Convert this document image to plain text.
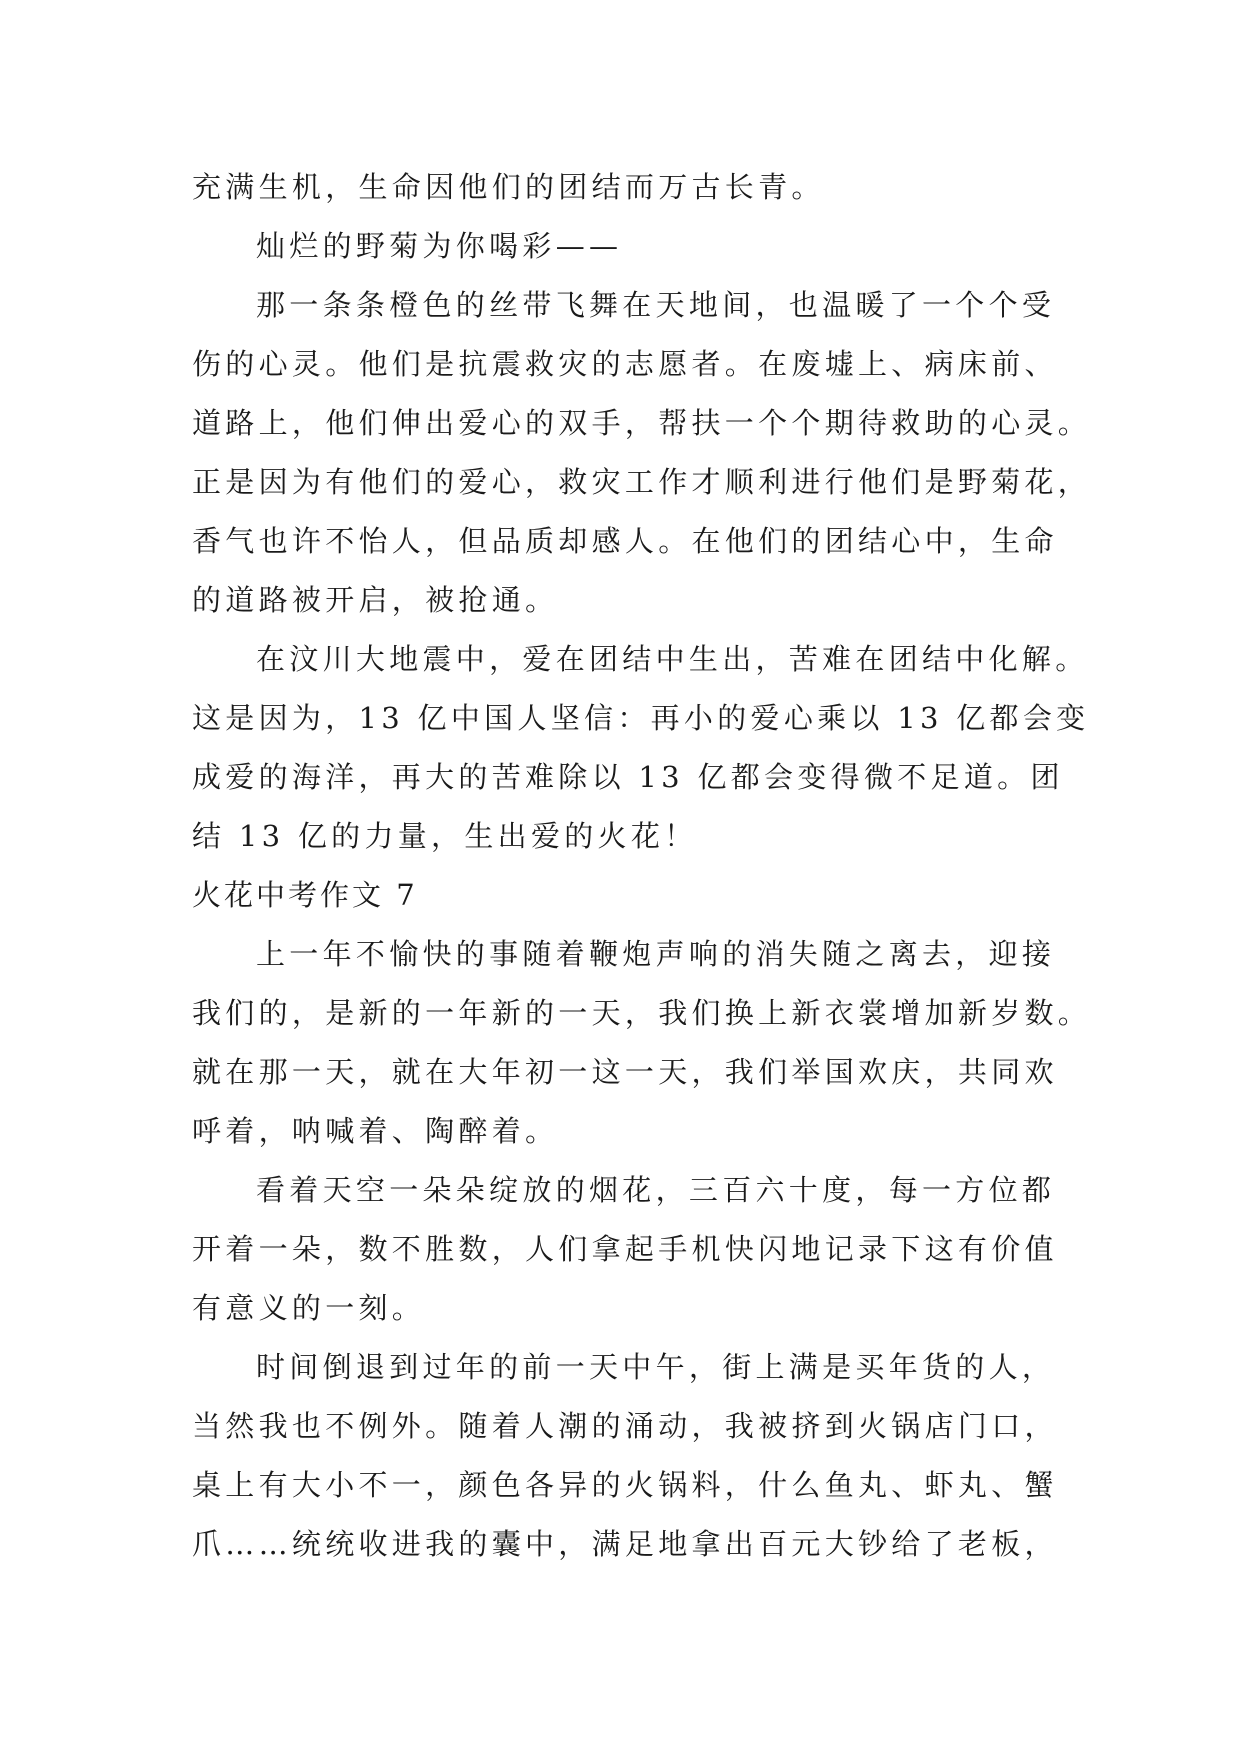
充满生机，生命因他们的团结而万古长青。
灿烂的野菊为你喝彩——
那一条条橙色的丝带飞舞在天地间，也温暖了一个个受
伤的心灵。他们是抗震救灾的志愿者。在废墟上、病床前、
道路上，他们伸出爱心的双手，帮扶一个个期待救助的心灵。
正是因为有他们的爱心，救灾工作才顺利进行他们是野菊花，
香气也许不怡人，但品质却感人。在他们的团结心中，生命
的道路被开启，被抢通。
在汶川大地震中，爱在团结中生出，苦难在团结中化解。
这是因为，13 亿中国人坚信：再小的爱心乘以 13 亿都会变
成爱的海洋，再大的苦难除以 13 亿都会变得微不足道。团
结 13 亿的力量，生出爱的火花！
火花中考作文 7
上一年不愉快的事随着鞭炮声响的消失随之离去，迎接
我们的，是新的一年新的一天，我们换上新衣裳增加新岁数。
就在那一天，就在大年初一这一天，我们举国欢庆，共同欢
呼着，呐喊着、陶醉着。
看着天空一朵朵绽放的烟花，三百六十度，每一方位都
开着一朵，数不胜数，人们拿起手机快闪地记录下这有价值
有意义的一刻。
时间倒退到过年的前一天中午，街上满是买年货的人，
当然我也不例外。随着人潮的涌动，我被挤到火锅店门口，
桌上有大小不一，颜色各异的火锅料，什么鱼丸、虾丸、蟹
爪……统统收进我的囊中，满足地拿出百元大钞给了老板，
